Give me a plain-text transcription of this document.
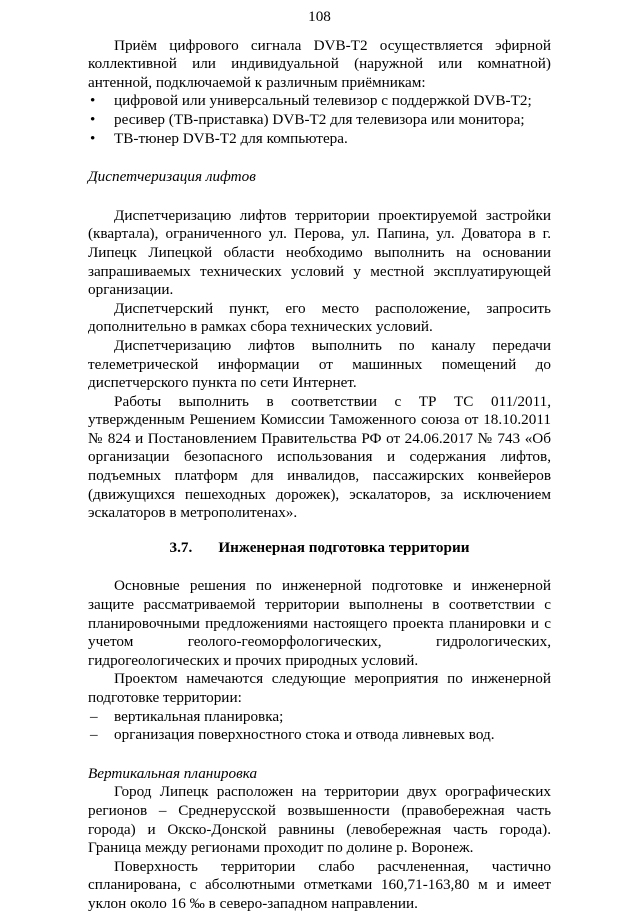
108

Приём цифрового сигнала DVB-T2 осуществляется эфирной коллективной или индивидуальной (наружной или комнатной) антенной, подключаемой к различным приёмникам:

• цифровой или универсальный телевизор с поддержкой DVB-T2;
• ресивер (ТВ-приставка) DVB-T2 для телевизора или монитора;
• ТВ-тюнер DVB-T2 для компьютера.

Диспетчеризация лифтов

Диспетчеризацию лифтов территории проектируемой застройки (квартала), ограниченного ул. Перова, ул. Папина, ул. Доватора в г. Липецк Липецкой области необходимо выполнить на основании запрашиваемых технических условий у местной эксплуатирующей организации.

Диспетчерский пункт, его место расположение, запросить дополнительно в рамках сбора технических условий.

Диспетчеризацию лифтов выполнить по каналу передачи телеметрической информации от машинных помещений до диспетчерского пункта по сети Интернет.

Работы выполнить в соответствии с ТР ТС 011/2011, утвержденным Решением Комиссии Таможенного союза от 18.10.2011 № 824 и Постановлением Правительства РФ от 24.06.2017 № 743 «Об организации безопасного использования и содержания лифтов, подъемных платформ для инвалидов, пассажирских конвейеров (движущихся пешеходных дорожек), эскалаторов, за исключением эскалаторов в метрополитенах».

3.7. Инженерная подготовка территории

Основные решения по инженерной подготовке и инженерной защите рассматриваемой территории выполнены в соответствии с планировочными предложениями настоящего проекта планировки и с учетом геолого-геоморфологических, гидрологических, гидрогеологических и прочих природных условий.

Проектом намечаются следующие мероприятия по инженерной подготовке территории:

– вертикальная планировка;
– организация поверхностного стока и отвода ливневых вод.

Вертикальная планировка

Город Липецк расположен на территории двух орографических регионов – Среднерусской возвышенности (правобережная часть города) и Окско-Донской равнины (левобережная часть города). Граница между регионами проходит по долине р. Воронеж.

Поверхность территории слабо расчлененная, частично спланирована, с абсолютными отметками 160,71-163,80 м и имеет уклон около 16 ‰ в северо-западном направлении.
